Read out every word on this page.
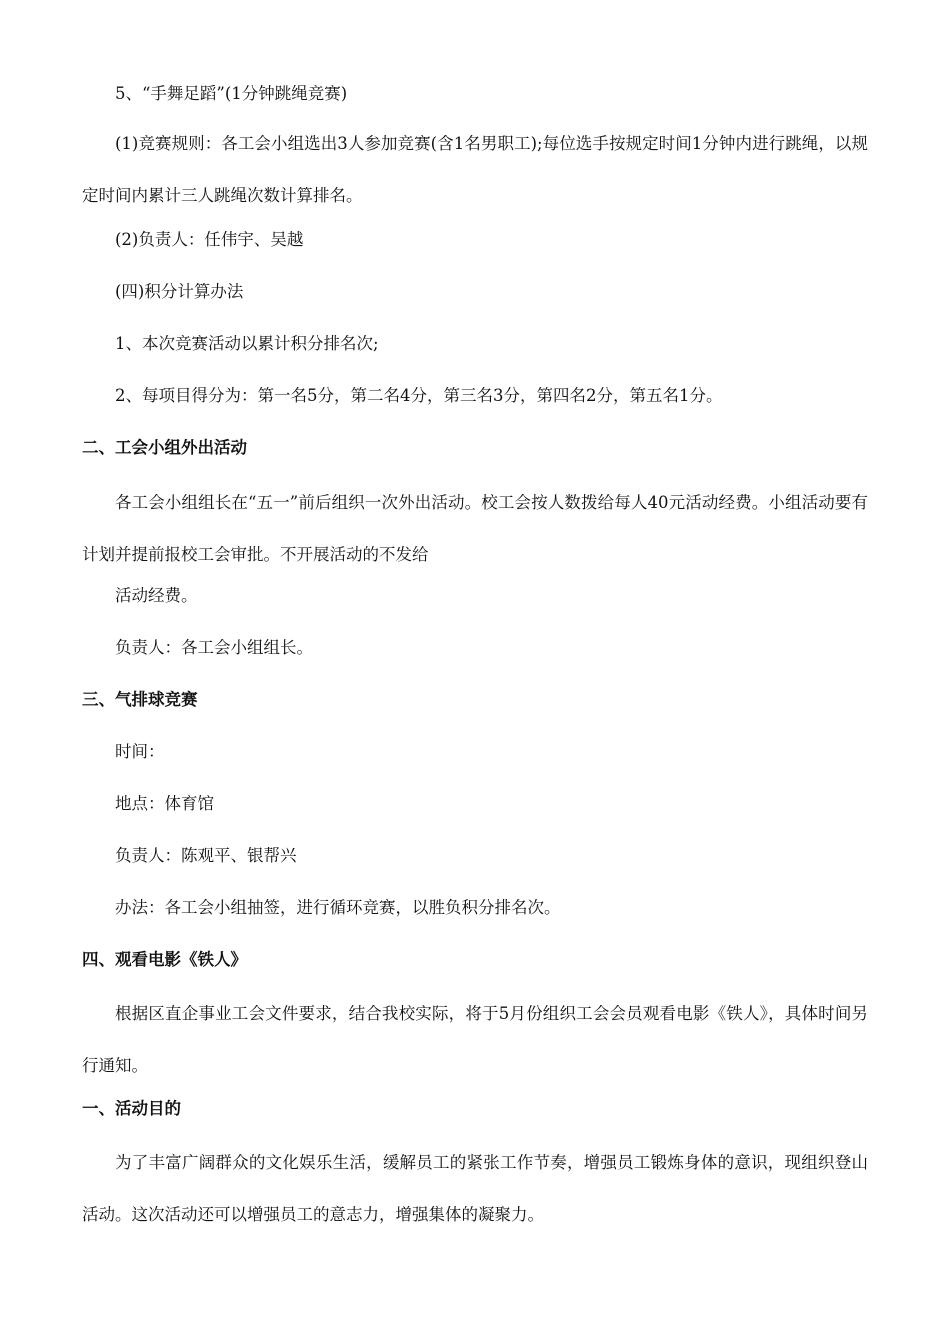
5、“手舞足蹈”(1分钟跳绳竞赛)
(1)竞赛规则：各工会小组选出3人参加竞赛(含1名男职工);每位选手按规定时间1分钟内进行跳绳，以规定时间内累计三人跳绳次数计算排名。
(2)负责人：任伟宇、吴越
(四)积分计算办法
1、本次竞赛活动以累计积分排名次;
2、每项目得分为：第一名5分，第二名4分，第三名3分，第四名2分，第五名1分。
二、工会小组外出活动
各工会小组组长在“五一”前后组织一次外出活动。校工会按人数拨给每人40元活动经费。小组活动要有计划并提前报校工会审批。不开展活动的不发给
活动经费。
负责人：各工会小组组长。
三、气排球竞赛
时间：
地点：体育馆
负责人：陈观平、银帮兴
办法：各工会小组抽签，进行循环竞赛，以胜负积分排名次。
四、观看电影《铁人》
根据区直企事业工会文件要求，结合我校实际，将于5月份组织工会会员观看电影《铁人》，具体时间另行通知。
一、活动目的
为了丰富广阔群众的文化娱乐生活，缓解员工的紧张工作节奏，增强员工锻炼身体的意识，现组织登山活动。这次活动还可以增强员工的意志力，增强集体的凝聚力。
